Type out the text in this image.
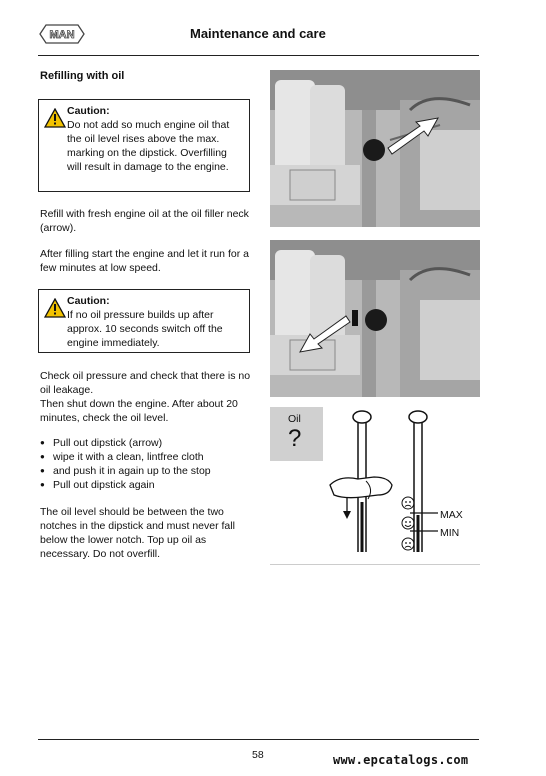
MAN	Maintenance and care
Refilling with oil
Caution:
Do not add so much engine oil that the oil level rises above the max. marking on the dipstick. Overfilling will result in damage to the engine.
Refill with fresh engine oil at the oil filler neck (arrow).
After filling start the engine and let it run for a few minutes at low speed.
Caution:
If no oil pressure builds up after approx. 10 seconds switch off the engine immediately.
Check oil pressure and check that there is no oil leakage.
Then shut down the engine. After about 20 minutes, check the oil level.
● Pull out dipstick (arrow)
● wipe it with a clean, lintfree cloth
● and push it in again up to the stop
● Pull out dipstick again
The oil level should be between the two notches in the dipstick and must never fall below the lower notch. Top up oil as necessary. Do not overfill.
MAX
MIN
Oil
?
58	www.epcatalogs.com
